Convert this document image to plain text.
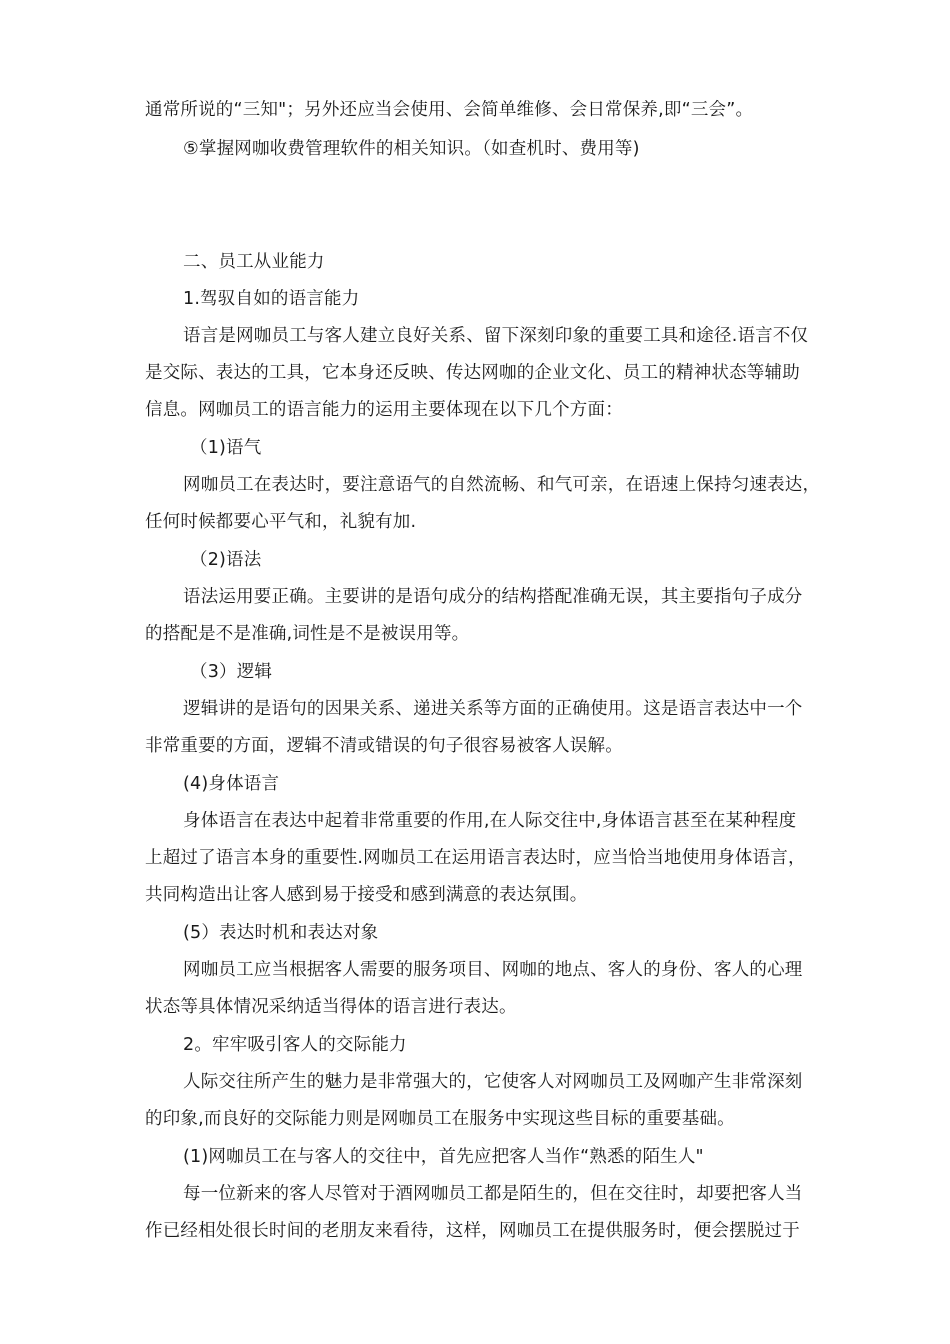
通常所说的“三知"；另外还应当会使用、会简单维修、会日常保养,即“三会”。
⑤掌握网咖收费管理软件的相关知识。（如查机时、费用等)
二、员工从业能力
1.驾驭自如的语言能力
语言是网咖员工与客人建立良好关系、留下深刻印象的重要工具和途径.语言不仅
是交际、表达的工具，它本身还反映、传达网咖的企业文化、员工的精神状态等辅助
信息。网咖员工的语言能力的运用主要体现在以下几个方面：
（1)语气
网咖员工在表达时，要注意语气的自然流畅、和气可亲，在语速上保持匀速表达，
任何时候都要心平气和，礼貌有加.
（2)语法
语法运用要正确。主要讲的是语句成分的结构搭配准确无误，其主要指句子成分
的搭配是不是准确,词性是不是被误用等。
（3）逻辑
逻辑讲的是语句的因果关系、递进关系等方面的正确使用。这是语言表达中一个
非常重要的方面，逻辑不清或错误的句子很容易被客人误解。
(4)身体语言
身体语言在表达中起着非常重要的作用,在人际交往中,身体语言甚至在某种程度
上超过了语言本身的重要性.网咖员工在运用语言表达时，应当恰当地使用身体语言，
共同构造出让客人感到易于接受和感到满意的表达氛围。
(5）表达时机和表达对象
网咖员工应当根据客人需要的服务项目、网咖的地点、客人的身份、客人的心理
状态等具体情况采纳适当得体的语言进行表达。
2。牢牢吸引客人的交际能力
人际交往所产生的魅力是非常强大的，它使客人对网咖员工及网咖产生非常深刻
的印象,而良好的交际能力则是网咖员工在服务中实现这些目标的重要基础。
(1)网咖员工在与客人的交往中，首先应把客人当作“熟悉的陌生人"
每一位新来的客人尽管对于酒网咖员工都是陌生的，但在交往时，却要把客人当
作已经相处很长时间的老朋友来看待，这样，网咖员工在提供服务时，便会摆脱过于
